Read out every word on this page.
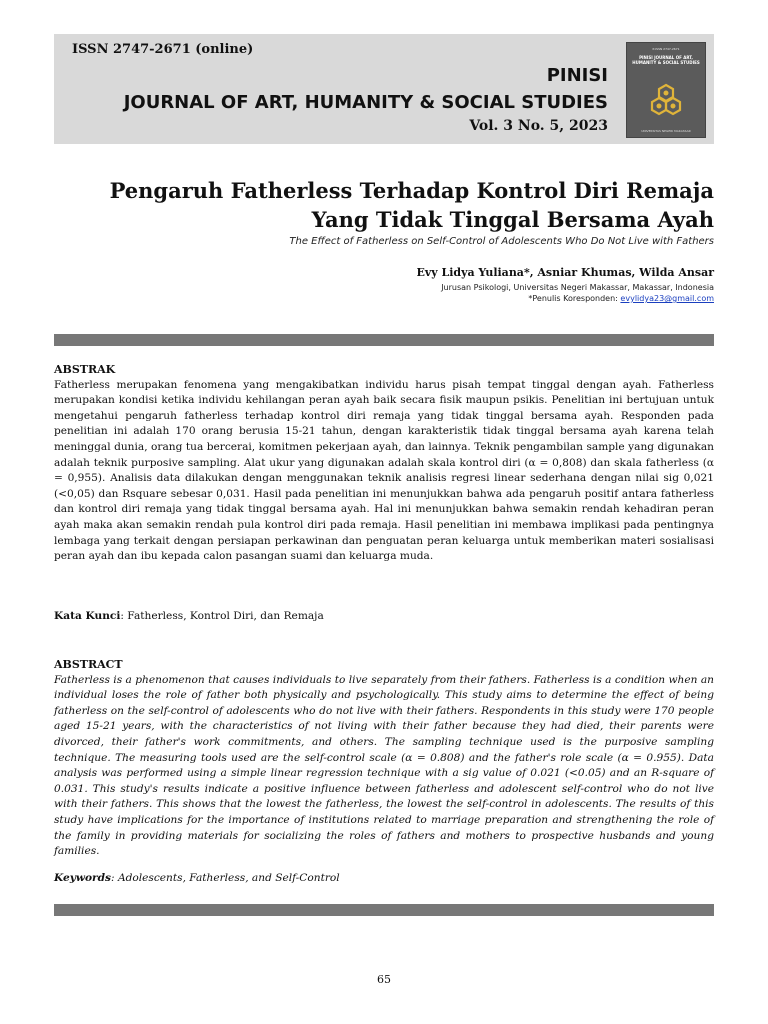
ISSN 2747-2671 (online)
PINISI
JOURNAL OF ART, HUMANITY & SOCIAL STUDIES
Vol. 3 No. 5, 2023
P-ISSN 2747-2671
PINISI JOURNAL OF ART, HUMANITY & SOCIAL STUDIES
UNIVERSITAS NEGERI MAKASSAR
Pengaruh Fatherless Terhadap Kontrol Diri Remaja Yang Tidak Tinggal Bersama Ayah
The Effect of Fatherless on Self-Control of Adolescents Who Do Not Live with Fathers
Evy Lidya Yuliana*, Asniar Khumas, Wilda Ansar
Jurusan Psikologi, Universitas Negeri Makassar, Makassar, Indonesia
*Penulis Koresponden: evylidya23@gmail.com

ABSTRAK

Fatherless merupakan fenomena yang mengakibatkan individu harus pisah tempat tinggal dengan ayah. Fatherless merupakan kondisi ketika individu kehilangan peran ayah baik secara fisik maupun psikis. Penelitian ini bertujuan untuk mengetahui pengaruh fatherless terhadap kontrol diri remaja yang tidak tinggal bersama ayah. Responden pada penelitian ini adalah 170 orang berusia 15-21 tahun, dengan karakteristik tidak tinggal bersama ayah karena telah meninggal dunia, orang tua bercerai, komitmen pekerjaan ayah, dan lainnya. Teknik pengambilan sample yang digunakan adalah teknik purposive sampling. Alat ukur yang digunakan adalah skala kontrol diri (α = 0,808) dan skala fatherless (α = 0,955). Analisis data dilakukan dengan menggunakan teknik analisis regresi linear sederhana dengan nilai sig 0,021 (<0,05) dan Rsquare sebesar 0,031. Hasil pada penelitian ini menunjukkan bahwa ada pengaruh positif antara fatherless dan kontrol diri remaja yang tidak tinggal bersama ayah. Hal ini menunjukkan bahwa semakin rendah kehadiran peran ayah maka akan semakin rendah pula kontrol diri pada remaja. Hasil penelitian ini membawa implikasi pada pentingnya lembaga yang terkait dengan persiapan perkawinan dan penguatan peran keluarga untuk memberikan materi sosialisasi peran ayah dan ibu kepada calon pasangan suami dan keluarga muda.

Kata Kunci: Fatherless, Kontrol Diri, dan Remaja

ABSTRACT

Fatherless is a phenomenon that causes individuals to live separately from their fathers. Fatherless is a condition when an individual loses the role of father both physically and psychologically. This study aims to determine the effect of being fatherless on the self-control of adolescents who do not live with their fathers. Respondents in this study were 170 people aged 15-21 years, with the characteristics of not living with their father because they had died, their parents were divorced, their father's work commitments, and others. The sampling technique used is the purposive sampling technique. The measuring tools used are the self-control scale (α = 0.808) and the father's role scale (α = 0.955). Data analysis was performed using a simple linear regression technique with a sig value of 0.021 (<0.05) and an R-square of 0.031. This study's results indicate a positive influence between fatherless and adolescent self-control who do not live with their fathers. This shows that the lowest the fatherless, the lowest the self-control in adolescents. The results of this study have implications for the importance of institutions related to marriage preparation and strengthening the role of the family in providing materials for socializing the roles of fathers and mothers to prospective husbands and young families.

Keywords: Adolescents, Fatherless, and Self-Control
65
